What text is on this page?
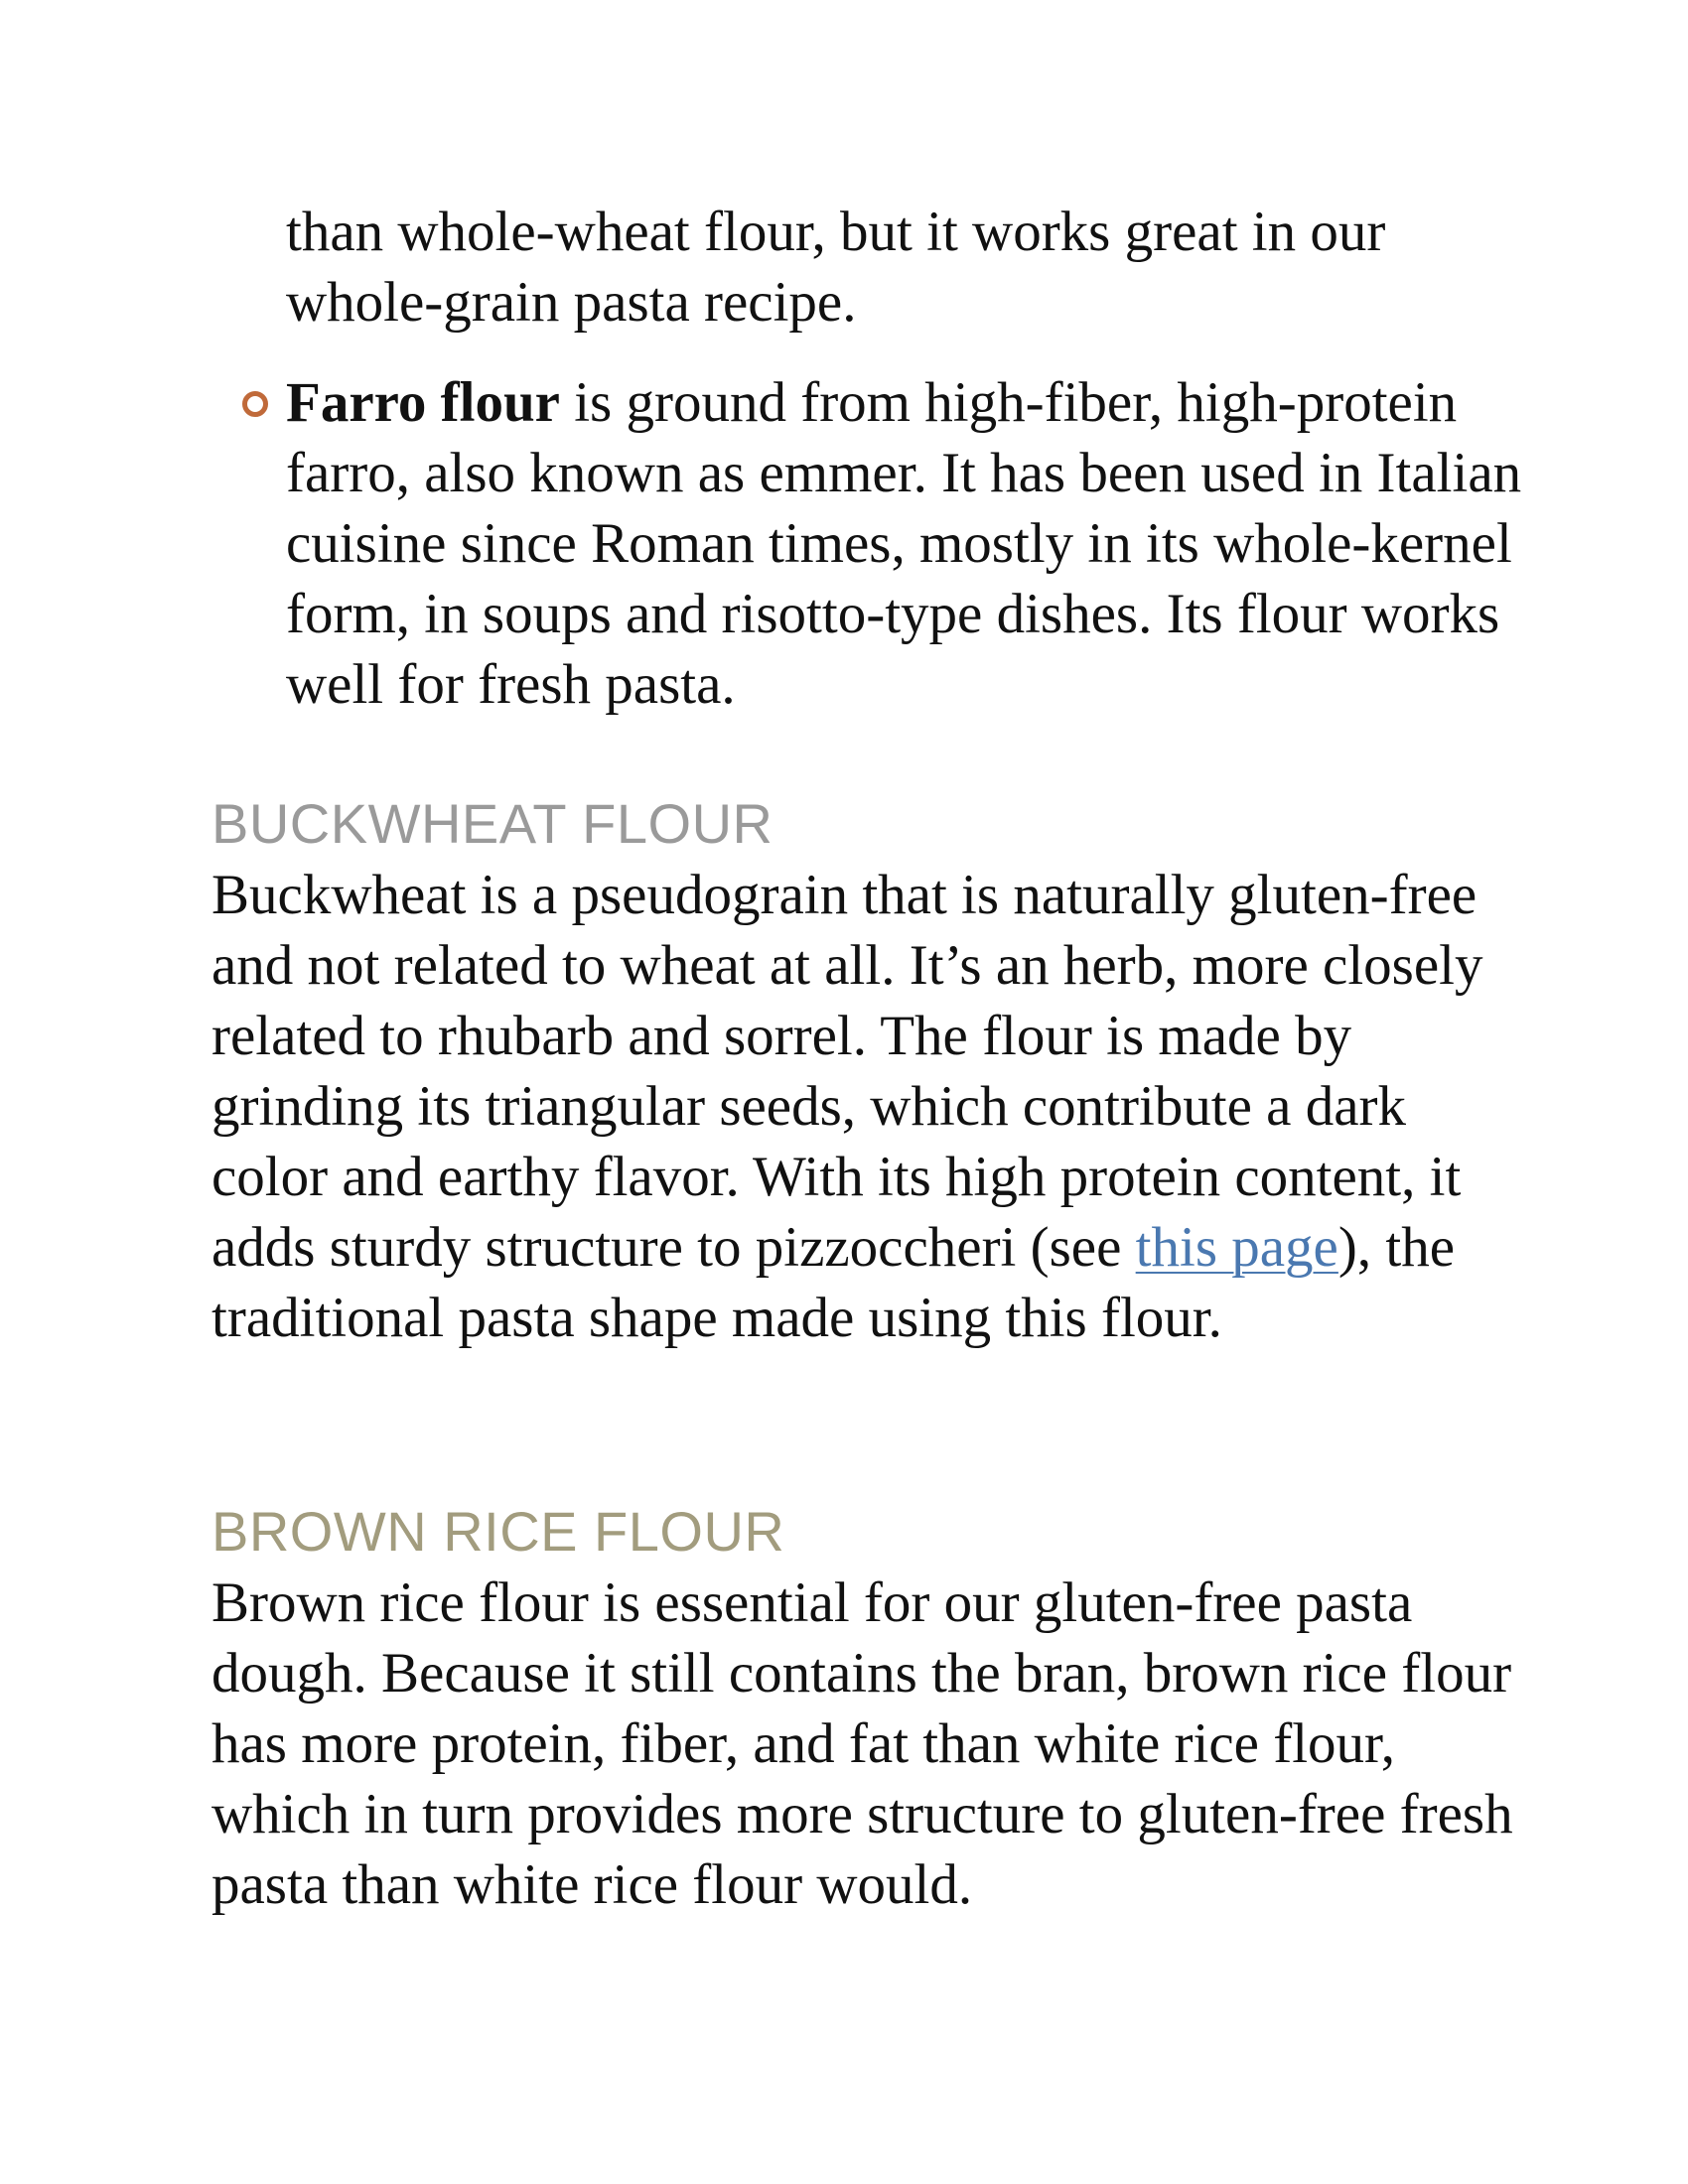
than whole-wheat flour, but it works great in our whole-grain pasta recipe.

Farro flour is ground from high-fiber, high-protein farro, also known as emmer. It has been used in Italian cuisine since Roman times, mostly in its whole-kernel form, in soups and risotto-type dishes. Its flour works well for fresh pasta.
BUCKWHEAT FLOUR

Buckwheat is a pseudograin that is naturally gluten-free and not related to wheat at all. It’s an herb, more closely related to rhubarb and sorrel. The flour is made by grinding its triangular seeds, which contribute a dark color and earthy flavor. With its high protein content, it adds sturdy structure to pizzoccheri (see this page), the traditional pasta shape made using this flour.

BROWN RICE FLOUR

Brown rice flour is essential for our gluten-free pasta dough. Because it still contains the bran, brown rice flour has more protein, fiber, and fat than white rice flour, which in turn provides more structure to gluten-free fresh pasta than white rice flour would.
